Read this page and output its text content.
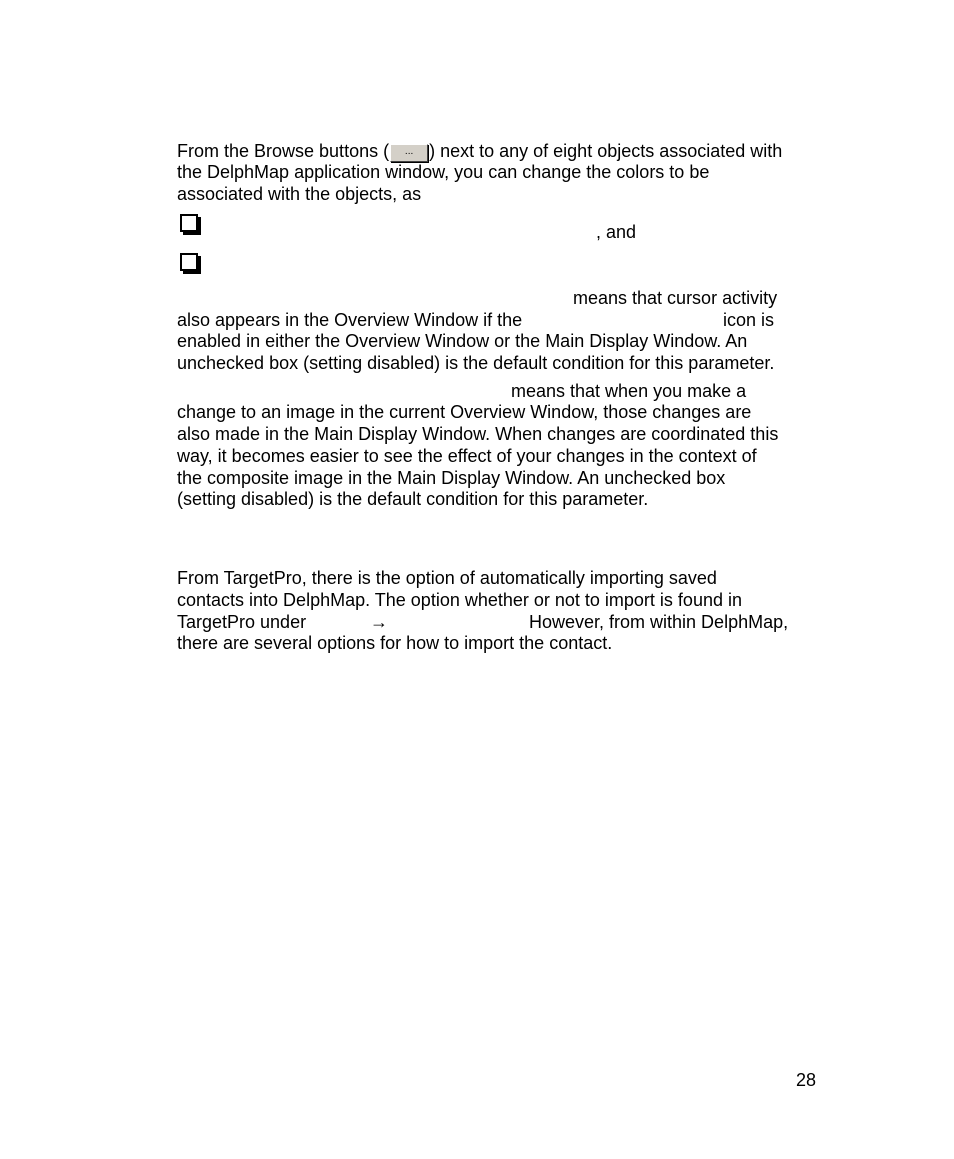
From the Browse buttons ( ... ) next to any of eight objects associated with
the DelphMap application window, you can change the colors to be
associated with the objects, as
, and
means that cursor activity
also appears in the Overview Window if the	icon is
enabled in either the Overview Window or the Main Display Window. An
unchecked box (setting disabled) is the default condition for this parameter.
means that when you make a
change to an image in the current Overview Window, those changes are
also made in the Main Display Window. When changes are coordinated this
way, it becomes easier to see the effect of your changes in the context of
the composite image in the Main Display Window. An unchecked box
(setting disabled) is the default condition for this parameter.
From TargetPro, there is the option of automatically importing saved
contacts into DelphMap. The option whether or not to import is found in
TargetPro under	→	However, from within DelphMap,
there are several options for how to import the contact.
28
